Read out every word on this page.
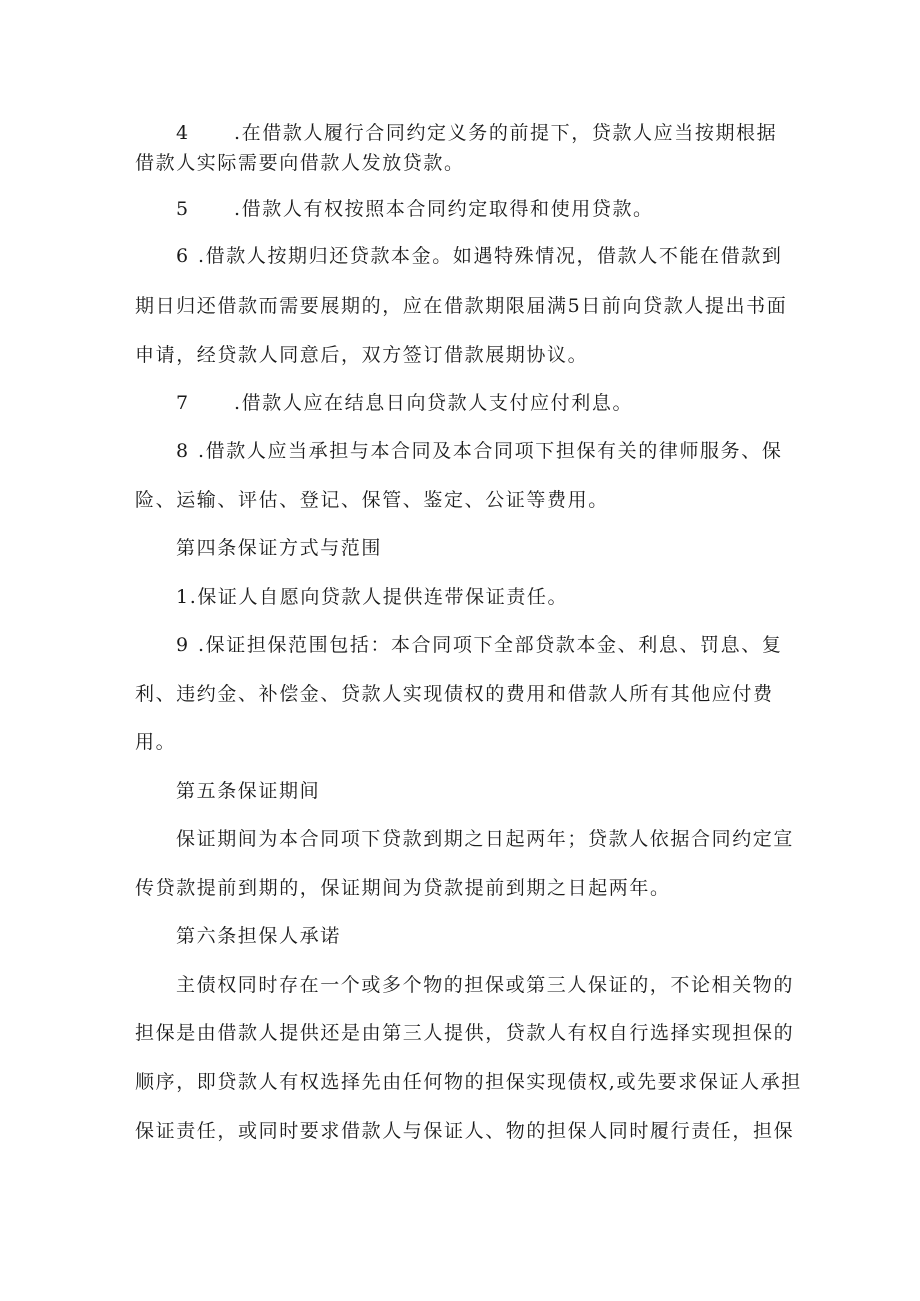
4 .在借款人履行合同约定义务的前提下，贷款人应当按期根据
借款人实际需要向借款人发放贷款。
5 .借款人有权按照本合同约定取得和使用贷款。
6 .借款人按期归还贷款本金。如遇特殊情况，借款人不能在借款到
期日归还借款而需要展期的，应在借款期限届满5日前向贷款人提出书面
申请，经贷款人同意后，双方签订借款展期协议。
7 .借款人应在结息日向贷款人支付应付利息。
8 .借款人应当承担与本合同及本合同项下担保有关的律师服务、保
险、运输、评估、登记、保管、鉴定、公证等费用。
第四条保证方式与范围
1.保证人自愿向贷款人提供连带保证责任。
9 .保证担保范围包括：本合同项下全部贷款本金、利息、罚息、复
利、违约金、补偿金、贷款人实现债权的费用和借款人所有其他应付费
用。
第五条保证期间
保证期间为本合同项下贷款到期之日起两年；贷款人依据合同约定宣
传贷款提前到期的，保证期间为贷款提前到期之日起两年。
第六条担保人承诺
主债权同时存在一个或多个物的担保或第三人保证的，不论相关物的
担保是由借款人提供还是由第三人提供，贷款人有权自行选择实现担保的
顺序，即贷款人有权选择先由任何物的担保实现债权,或先要求保证人承担
保证责任，或同时要求借款人与保证人、物的担保人同时履行责任，担保
